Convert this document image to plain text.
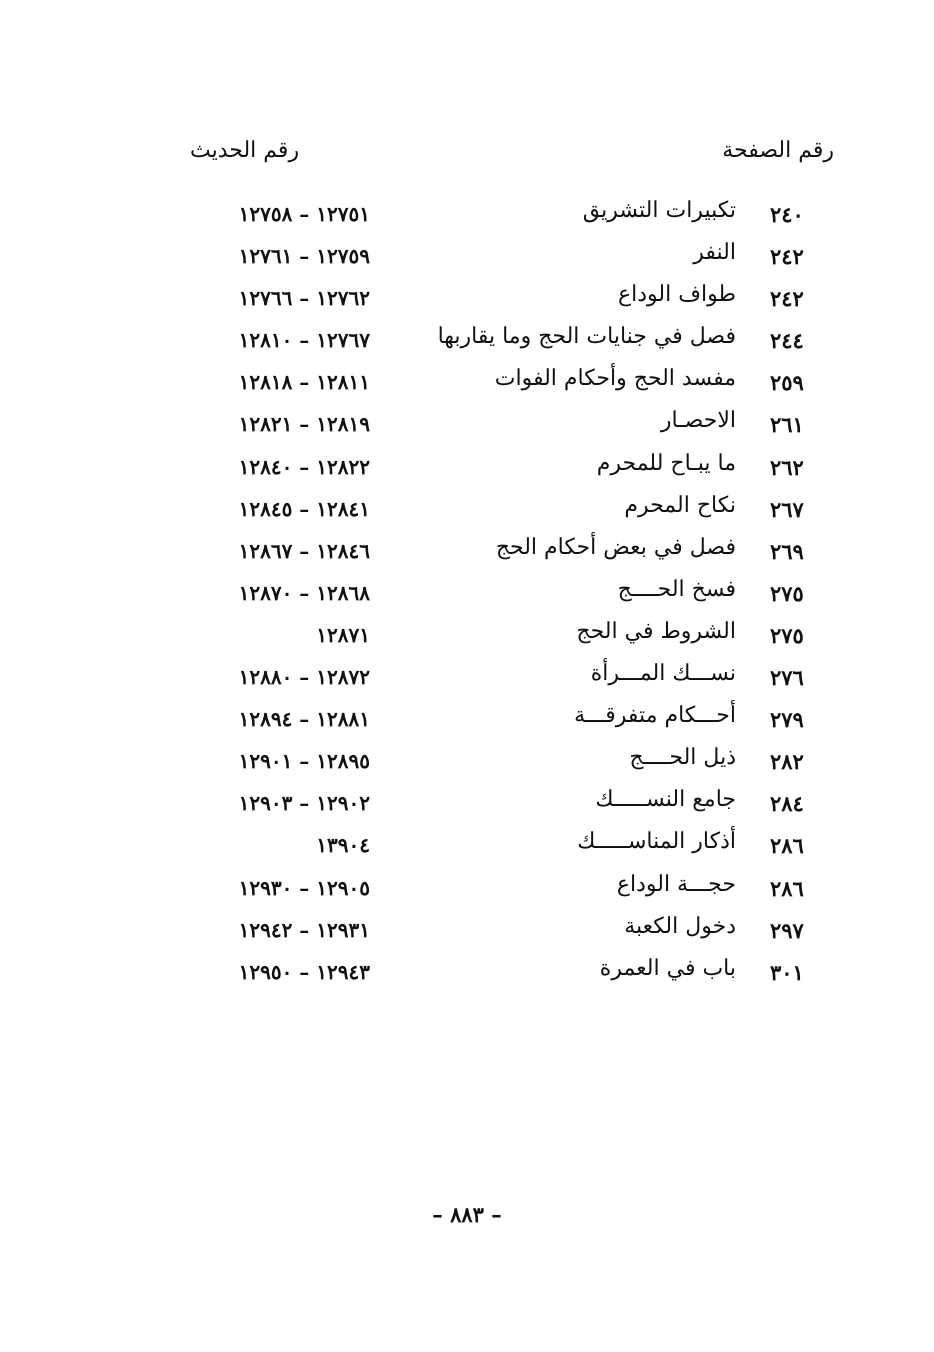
رقم الصفحة
رقم الحديث
٢٤٠
تكبيرات التشريق
١٢٧٥١ – ١٢٧٥٨
٢٤٢
النفر
١٢٧٥٩ – ١٢٧٦١
٢٤٢
طواف الوداع
١٢٧٦٢ – ١٢٧٦٦
٢٤٤
فصل في جنايات الحج وما يقاربها
١٢٧٦٧ – ١٢٨١٠
٢٥٩
مفسد الحج وأحكام الفوات
١٢٨١١ – ١٢٨١٨
٢٦١
الاحصـار
١٢٨١٩ – ١٢٨٢١
٢٦٢
ما يبـاح للمحرم
١٢٨٢٢ – ١٢٨٤٠
٢٦٧
نكاح المحرم
١٢٨٤١ – ١٢٨٤٥
٢٦٩
فصل في بعض أحكام الحج
١٢٨٤٦ – ١٢٨٦٧
٢٧٥
فسخ الحــــج
١٢٨٦٨ – ١٢٨٧٠
٢٧٥
الشروط في الحج
١٢٨٧١
٢٧٦
نســـك المـــرأة
١٢٨٧٢ – ١٢٨٨٠
٢٧٩
أحـــكام متفرقـــة
١٢٨٨١ – ١٢٨٩٤
٢٨٢
ذيل الحــــج
١٢٨٩٥ – ١٢٩٠١
٢٨٤
جامع النســـــك
١٢٩٠٢ – ١٢٩٠٣
٢٨٦
أذكار المناســـــك
١٣٩٠٤
٢٨٦
حجـــة الوداع
١٢٩٠٥ – ١٢٩٣٠
٢٩٧
دخول الكعبة
١٢٩٣١ – ١٢٩٤٢
٣٠١
باب في العمرة
١٢٩٤٣ – ١٢٩٥٠
– ٨٨٣ –
